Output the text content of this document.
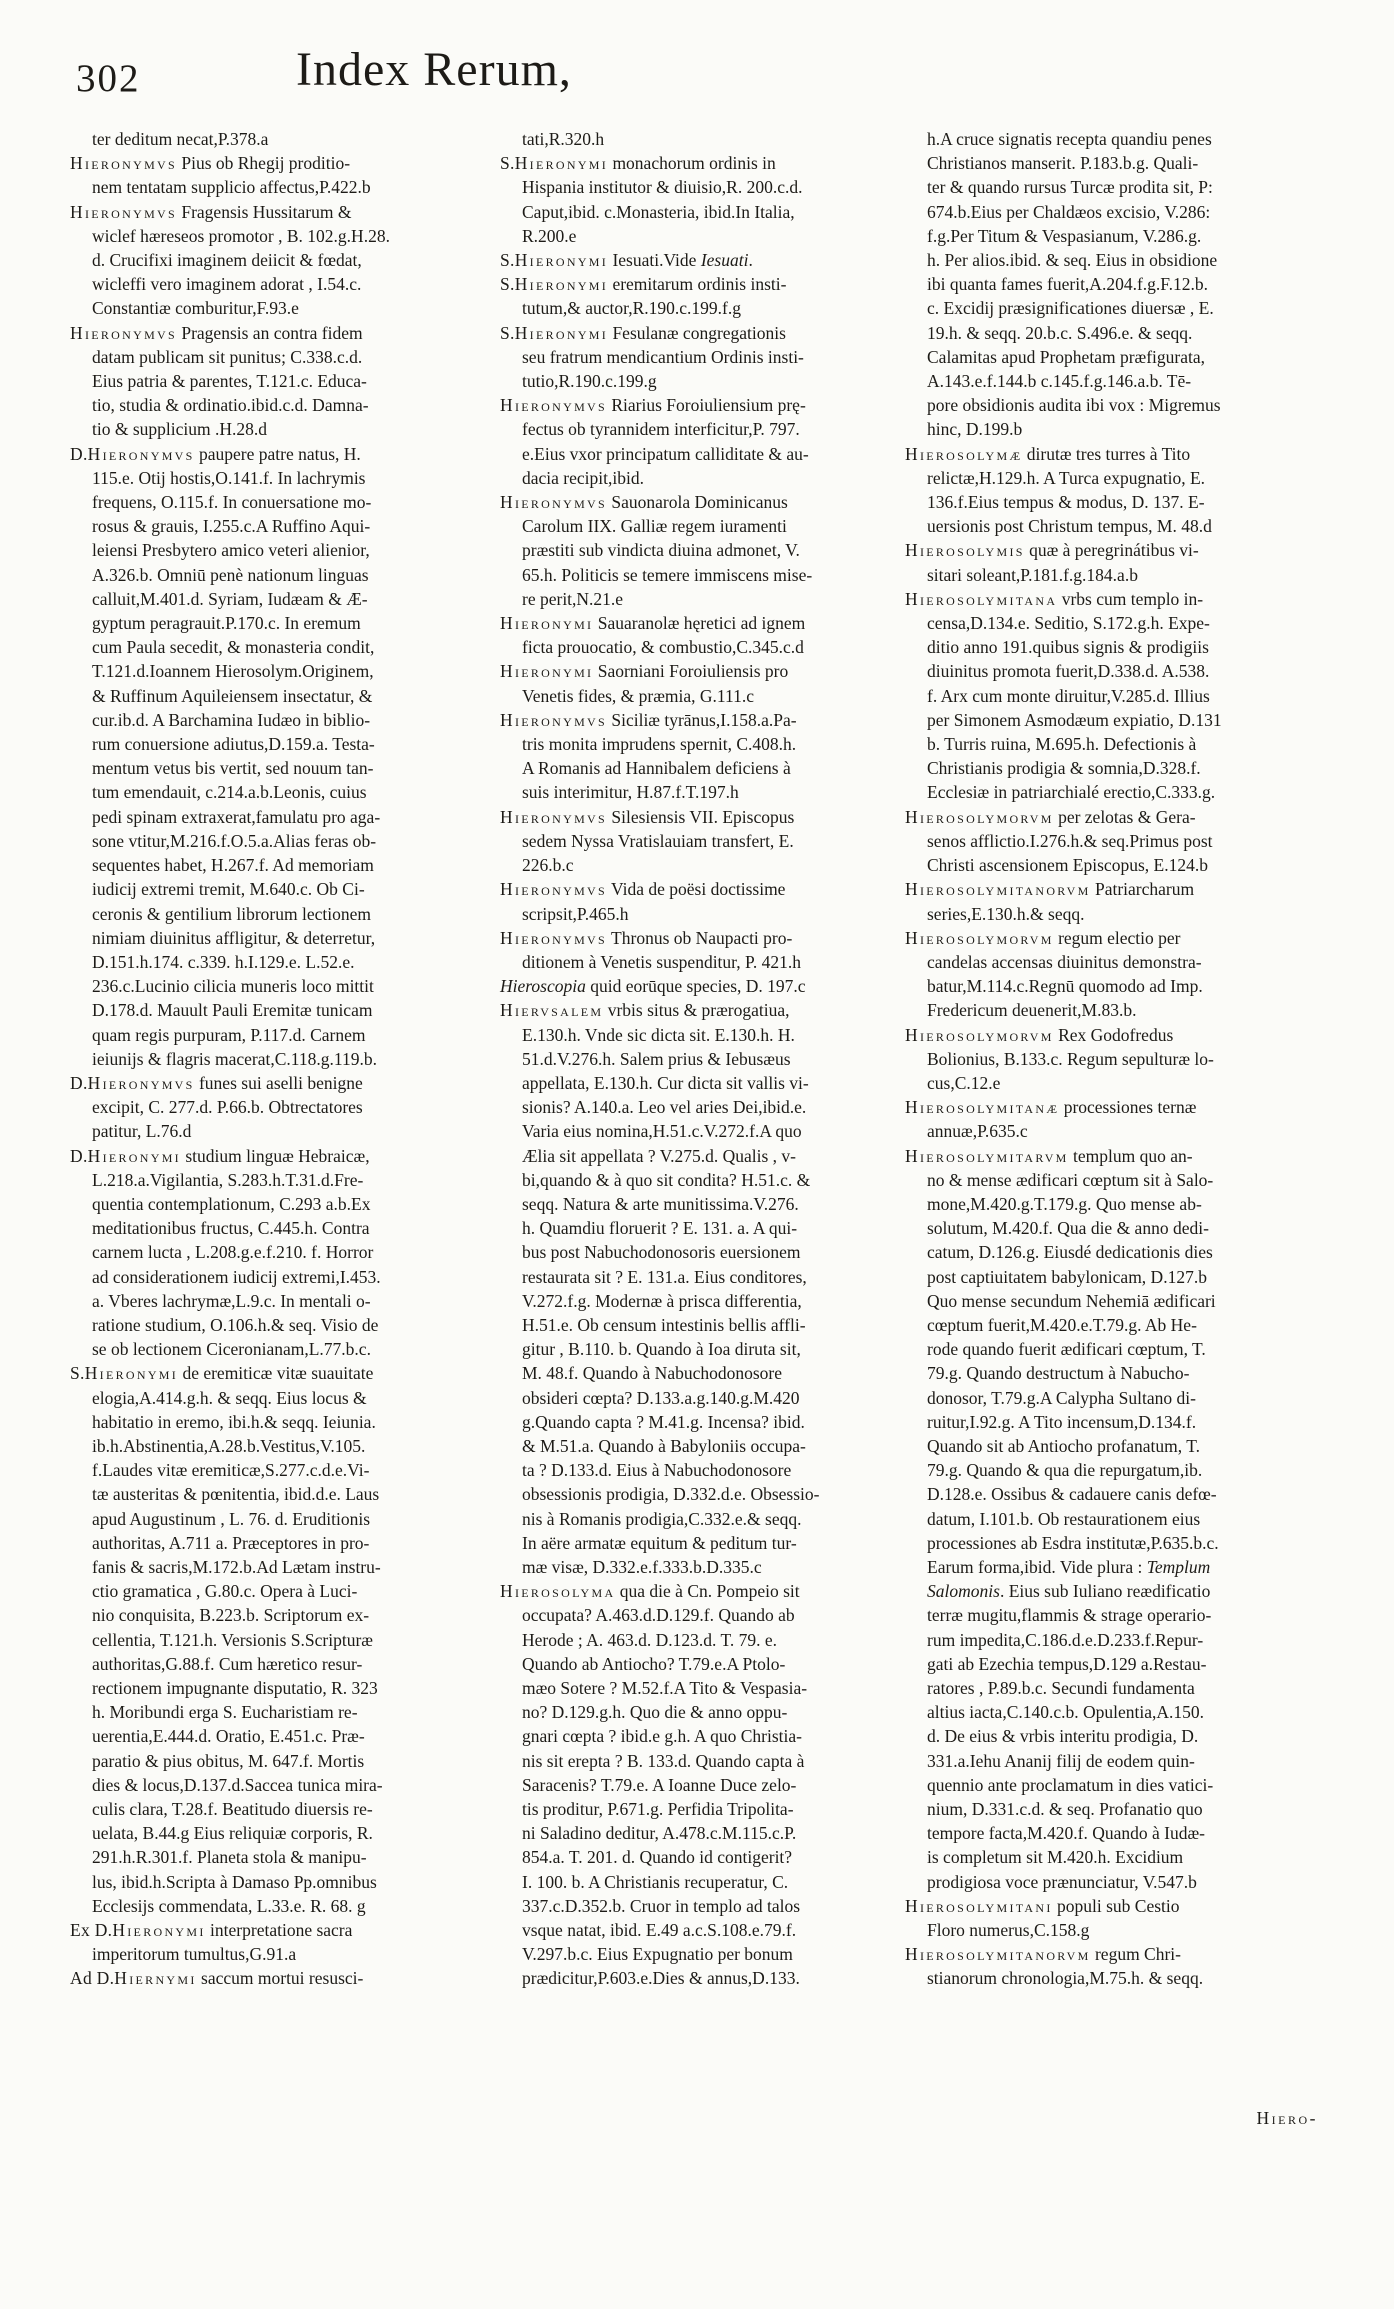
302	Index Rerum,

ter deditum necat,P.378.a

Hieronymvs Pius ob Rhegij proditio-
nem tentatam supplicio affectus,P.422.b

Hieronymvs Fragensis Hussitarum &
wiclef hæreseos promotor , B. 102.g.H.28.
d. Crucifixi imaginem deiicit & fœdat,
wicleffi vero imaginem adorat , I.54.c.
Constantiæ comburitur,F.93.e

Hieronymvs Pragensis an contra fidem
datam publicam sit punitus; C.338.c.d.
Eius patria & parentes, T.121.c. Educa-
tio, studia & ordinatio.ibid.c.d. Damna-
tio & supplicium .H.28.d

D.Hieronymvs paupere patre natus, H.
115.e. Otij hostis,O.141.f. In lachrymis
frequens, O.115.f. In conuersatione mo-
rosus & grauis, I.255.c.A Ruffino Aqui-
leiensi Presbytero amico veteri alienior,
A.326.b. Omniū penè nationum linguas
calluit,M.401.d. Syriam, Iudæam & Æ-
gyptum peragrauit.P.170.c. In eremum
cum Paula secedit, & monasteria condit,
T.121.d.Ioannem Hierosolym.Originem,
& Ruffinum Aquileiensem insectatur, &
cur.ib.d. A Barchamina Iudæo in biblio-
rum conuersione adiutus,D.159.a. Testa-
mentum vetus bis vertit, sed nouum tan-
tum emendauit, c.214.a.b.Leonis, cuius
pedi spinam extraxerat,famulatu pro aga-
sone vtitur,M.216.f.O.5.a.Alias feras ob-
sequentes habet, H.267.f. Ad memoriam
iudicij extremi tremit, M.640.c. Ob Ci-
ceronis & gentilium librorum lectionem
nimiam diuinitus affligitur, & deterretur,
D.151.h.174. c.339. h.I.129.e. L.52.e.
236.c.Lucinio cilicia muneris loco mittit
D.178.d. Mauult Pauli Eremitæ tunicam
quam regis purpuram, P.117.d. Carnem
ieiunijs & flagris macerat,C.118.g.119.b.

D.Hieronymvs funes sui aselli benigne
excipit, C. 277.d. P.66.b. Obtrectatores
patitur, L.76.d

D.Hieronymi studium linguæ Hebraicæ,
L.218.a.Vigilantia, S.283.h.T.31.d.Fre-
quentia contemplationum, C.293 a.b.Ex
meditationibus fructus, C.445.h. Contra
carnem lucta , L.208.g.e.f.210. f. Horror
ad considerationem iudicij extremi,I.453.
a. Vberes lachrymæ,L.9.c. In mentali o-
ratione studium, O.106.h.& seq. Visio de
se ob lectionem Ciceronianam,L.77.b.c.

S.Hieronymi de eremiticæ vitæ suauitate
elogia,A.414.g.h. & seqq. Eius locus &
habitatio in eremo, ibi.h.& seqq. Ieiunia.
ib.h.Abstinentia,A.28.b.Vestitus,V.105.
f.Laudes vitæ eremiticæ,S.277.c.d.e.Vi-
tæ austeritas & pœnitentia, ibid.d.e. Laus
apud Augustinum , L. 76. d. Eruditionis
authoritas, A.711 a. Præceptores in pro-
fanis & sacris,M.172.b.Ad Lætam instru-
ctio gramatica , G.80.c. Opera à Luci-
nio conquisita, B.223.b. Scriptorum ex-
cellentia, T.121.h. Versionis S.Scripturæ
authoritas,G.88.f. Cum hæretico resur-
rectionem impugnante disputatio, R. 323
h. Moribundi erga S. Eucharistiam re-
uerentia,E.444.d. Oratio, E.451.c. Præ-
paratio & pius obitus, M. 647.f. Mortis
dies & locus,D.137.d.Saccea tunica mira-
culis clara, T.28.f. Beatitudo diuersis re-
uelata, B.44.g Eius reliquiæ corporis, R.
291.h.R.301.f. Planeta stola & manipu-
lus, ibid.h.Scripta à Damaso Pp.omnibus
Ecclesijs commendata, L.33.e. R. 68. g

Ex D.Hieronymi interpretatione sacra
imperitorum tumultus,G.91.a

Ad D.Hiernymi saccum mortui resusci-

tati,R.320.h

S.Hieronymi monachorum ordinis in
Hispania institutor & diuisio,R. 200.c.d.
Caput,ibid. c.Monasteria, ibid.In Italia,
R.200.e

S.Hieronymi Iesuati.Vide Iesuati.

S.Hieronymi eremitarum ordinis insti-
tutum,& auctor,R.190.c.199.f.g

S.Hieronymi Fesulanæ congregationis
seu fratrum mendicantium Ordinis insti-
tutio,R.190.c.199.g

Hieronymvs Riarius Foroiuliensium prę-
fectus ob tyrannidem interficitur,P. 797.
e.Eius vxor principatum calliditate & au-
dacia recipit,ibid.

Hieronymvs Sauonarola Dominicanus
Carolum IIX. Galliæ regem iuramenti
præstiti sub vindicta diuina admonet, V.
65.h. Politicis se temere immiscens mise-
re perit,N.21.e

Hieronymi Sauaranolæ hęretici ad ignem
ficta prouocatio, & combustio,C.345.c.d

Hieronymi Saorniani Foroiuliensis pro
Venetis fides, & præmia, G.111.c

Hieronymvs Siciliæ tyrānus,I.158.a.Pa-
tris monita imprudens spernit, C.408.h.
A Romanis ad Hannibalem deficiens à
suis interimitur, H.87.f.T.197.h

Hieronymvs Silesiensis VII. Episcopus
sedem Nyssa Vratislauiam transfert, E.
226.b.c

Hieronymvs Vida de poësi doctissime
scripsit,P.465.h

Hieronymvs Thronus ob Naupacti pro-
ditionem à Venetis suspenditur, P. 421.h

Hieroscopia quid eorūque species, D. 197.c

Hiervsalem vrbis situs & prærogatiua,
E.130.h. Vnde sic dicta sit. E.130.h. H.
51.d.V.276.h. Salem prius & Iebusæus
appellata, E.130.h. Cur dicta sit vallis vi-
sionis? A.140.a. Leo vel aries Dei,ibid.e.
Varia eius nomina,H.51.c.V.272.f.A quo
Ælia sit appellata ? V.275.d. Qualis , v-
bi,quando & à quo sit condita? H.51.c. &
seqq. Natura & arte munitissima.V.276.
h. Quamdiu floruerit ? E. 131. a. A qui-
bus post Nabuchodonosoris euersionem
restaurata sit ? E. 131.a. Eius conditores,
V.272.f.g. Modernæ à prisca differentia,
H.51.e. Ob censum intestinis bellis affli-
gitur , B.110. b. Quando à Ioa diruta sit,
M. 48.f. Quando à Nabuchodonosore
obsideri cœpta? D.133.a.g.140.g.M.420
g.Quando capta ? M.41.g. Incensa? ibid.
& M.51.a. Quando à Babyloniis occupa-
ta ? D.133.d. Eius à Nabuchodonosore
obsessionis prodigia, D.332.d.e. Obsessio-
nis à Romanis prodigia,C.332.e.& seqq.
In aëre armatæ equitum & peditum tur-
mæ visæ, D.332.e.f.333.b.D.335.c

Hierosolyma qua die à Cn. Pompeio sit
occupata? A.463.d.D.129.f. Quando ab
Herode ; A. 463.d. D.123.d. T. 79. e.
Quando ab Antiocho? T.79.e.A Ptolo-
mæo Sotere ? M.52.f.A Tito & Vespasia-
no? D.129.g.h. Quo die & anno oppu-
gnari cœpta ? ibid.e g.h. A quo Christia-
nis sit erepta ? B. 133.d. Quando capta à
Saracenis? T.79.e. A Ioanne Duce zelo-
tis proditur, P.671.g. Perfidia Tripolita-
ni Saladino deditur, A.478.c.M.115.c.P.
854.a. T. 201. d. Quando id contigerit?
I. 100. b. A Christianis recuperatur, C.
337.c.D.352.b. Cruor in templo ad talos
vsque natat, ibid. E.49 a.c.S.108.e.79.f.
V.297.b.c. Eius Expugnatio per bonum
prædicitur,P.603.e.Dies & annus,D.133.

h.A cruce signatis recepta quandiu penes
Christianos manserit. P.183.b.g. Quali-
ter & quando rursus Turcæ prodita sit, P:
674.b.Eius per Chaldæos excisio, V.286:
f.g.Per Titum & Vespasianum, V.286.g.
h. Per alios.ibid. & seq. Eius in obsidione
ibi quanta fames fuerit,A.204.f.g.F.12.b.
c. Excidij præsignificationes diuersæ , E.
19.h. & seqq. 20.b.c. S.496.e. & seqq.
Calamitas apud Prophetam præfigurata,
A.143.e.f.144.b c.145.f.g.146.a.b. Tē-
pore obsidionis audita ibi vox : Migremus
hinc, D.199.b

Hierosolymæ dirutæ tres turres à Tito
relictæ,H.129.h. A Turca expugnatio, E.
136.f.Eius tempus & modus, D. 137. E-
uersionis post Christum tempus, M. 48.d

Hierosolymis quæ à peregrinátibus vi-
sitari soleant,P.181.f.g.184.a.b

Hierosolymitana vrbs cum templo in-
censa,D.134.e. Seditio, S.172.g.h. Expe-
ditio anno 191.quibus signis & prodigiis
diuinitus promota fuerit,D.338.d. A.538.
f. Arx cum monte diruitur,V.285.d. Illius
per Simonem Asmodæum expiatio, D.131
b. Turris ruina, M.695.h. Defectionis à
Christianis prodigia & somnia,D.328.f.
Ecclesiæ in patriarchialé erectio,C.333.g.

Hierosolymorvm per zelotas & Gera-
senos afflictio.I.276.h.& seq.Primus post
Christi ascensionem Episcopus, E.124.b

Hierosolymitanorvm Patriarcharum
series,E.130.h.& seqq.

Hierosolymorvm regum electio per
candelas accensas diuinitus demonstra-
batur,M.114.c.Regnū quomodo ad Imp.
Fredericum deuenerit,M.83.b.

Hierosolymorvm Rex Godofredus
Bolionius, B.133.c. Regum sepulturæ lo-
cus,C.12.e

Hierosolymitanæ processiones ternæ
annuæ,P.635.c

Hierosolymitarvm templum quo an-
no & mense ædificari cœptum sit à Salo-
mone,M.420.g.T.179.g. Quo mense ab-
solutum, M.420.f. Qua die & anno dedi-
catum, D.126.g. Eiusdé dedicationis dies
post captiuitatem babylonicam, D.127.b
Quo mense secundum Nehemiā ædificari
cœptum fuerit,M.420.e.T.79.g. Ab He-
rode quando fuerit ædificari cœptum, T.
79.g. Quando destructum à Nabucho-
donosor, T.79.g.A Calypha Sultano di-
ruitur,I.92.g. A Tito incensum,D.134.f.
Quando sit ab Antiocho profanatum, T.
79.g. Quando & qua die repurgatum,ib.
D.128.e. Ossibus & cadauere canis defœ-
datum, I.101.b. Ob restaurationem eius
processiones ab Esdra institutæ,P.635.b.c.
Earum forma,ibid. Vide plura : Templum
Salomonis. Eius sub Iuliano reædificatio
terræ mugitu,flammis & strage operario-
rum impedita,C.186.d.e.D.233.f.Repur-
gati ab Ezechia tempus,D.129 a.Restau-
ratores , P.89.b.c. Secundi fundamenta
altius iacta,C.140.c.b. Opulentia,A.150.
d. De eius & vrbis interitu prodigia, D.
331.a.Iehu Ananij filij de eodem quin-
quennio ante proclamatum in dies vatici-
nium, D.331.c.d. & seq. Profanatio quo
tempore facta,M.420.f. Quando à Iudæ-
is completum sit M.420.h. Excidium
prodigiosa voce prænunciatur, V.547.b

Hierosolymitani populi sub Cestio
Floro numerus,C.158.g

Hierosolymitanorvm regum Chri-
stianorum chronologia,M.75.h. & seqq.

Hiero-
